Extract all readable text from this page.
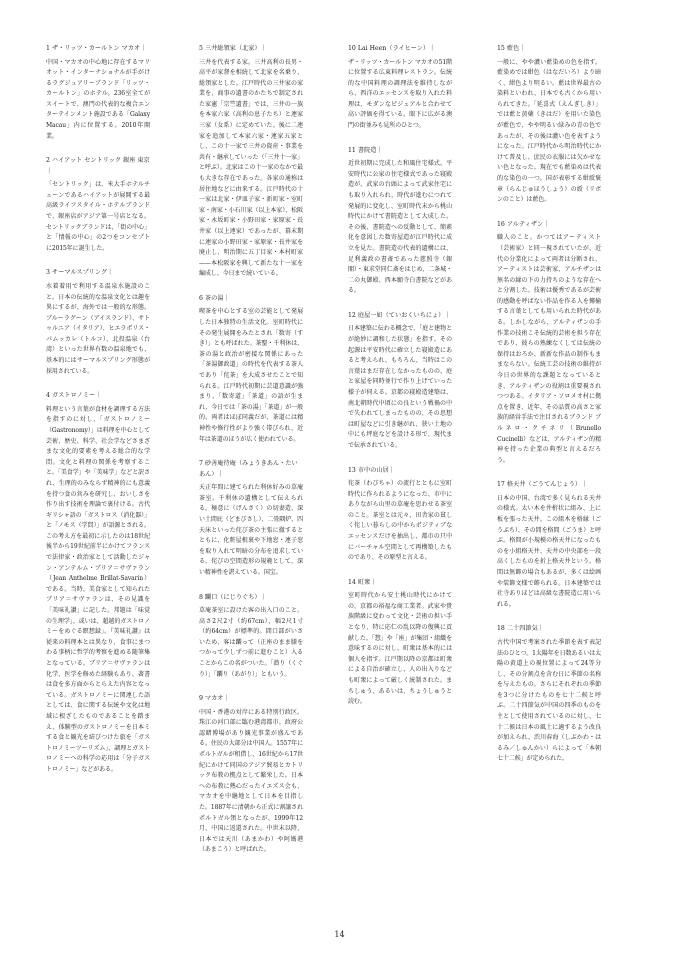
1 ザ・リッツ・カールトン マカオ｜
中国・マカオの中心地に存在するマリオット・インターナショナルが手がけるラグジュアリーブランド「リッツ・カールトン」のホテル。236室全てがスイートで、澳門の代表的な複合エンターテインメント施設である「Galaxy Macau」内に位置する。2010年開業。
2 ハイアット セントリック 銀座 東京｜
「セントリック」は、米大手ホテルチェーンであるハイアットが展開する最高級ライフスタイル・ホテルブランドで、銀座店がアジア第一号店となる。セントリックブランドは、「街の中心」と「情報の中心」の2つをコンセプトに2015年に誕生した。
3 サーマルスプリング｜
水着着用で利用する温泉水施設のこと。日本の伝統的な温泉文化とは趣を異にするが、海外では一般的な形態。ブルーラグーン（アイスランド）、サトゥルニア（イタリア）、ヒエラポリス・パムッカレ（トルコ）、北投温泉（台湾）といった世界有数の温泉地でも、基本的にはサーマルスプリング形態が採用されている。
4 ガストロノミー｜
料理という言葉が食材を調理する方法を指すのに対し、「ガストロノミー（Gastronomy）」は料理を中心として芸術、歴史、科学、社会学などさまざまな文化的要素を考える総合的な学問。文化と料理の関係を考察すること。「美食学」や「美味学」などと訳され、生理的のみならず精神的にも意義を持つ食の営みを研究し、おいしさを作り出す技術を理論で裏付ける。古代ギリシャ語の「ガストロス（消化器）」と「ノモス（学問）」が語源とされる。この考え方を最初に示したのは18世紀後半から19世紀前半にかけてフランスで法律家・政治家として活動したジャン・アンテルム・ブリア＝サヴァラン（Jean Anthelme Brillat-Savarin）である。当時、美食家として知られたブリア＝サヴァランは、その見識を「美味礼讃」に記した。邦題は「味覚の生理学」、或いは、超越的ガストロノミーをめぐる瞑想録」。『美味礼讃』は従来の料理本とは異なり、食事にまつわる事柄に哲学的考察を進める随筆集となっている。ブリア＝サヴァランは化学、医学を修めた経験もあり、著書は食を多方面からとらえた内容となっている。ガストロノミーに関連した語としては、食に関する伝統や文化は地域に根ざしたものであることを踏まえ、体験型のガストロノミーを日本ミする食と観光を結びつけた旅を「ガストロノミーツーリズム」、調理とガストロノミーへの科学の応用は「分子ガストロノミー」などがある。
5 三井総領家（北家）｜
三井を代表する家。三井高利の長男・高平が家督を相続して北家を名乗り、総領家とした。江戸時代の三井家の家業を、商事の遺書のかたちで制定された家憲「宗竺遺書」では、三井の一族を本家六家（高利の息子たち）と連家三家（女系）に定めていた。後に二連家を追加して本家六家・連家五家とし、この十一家で三井の資産・事業を共有・継承していった（「三井十一家」と呼ぶ）。北家はこの十一家のなかで最も大きな存在であった。各家の通称は居住地などに由来する。江戸時代の十一家は北家・伊皿子家・新町家・室町家・南家・小石川家（以上本家）、松阪家・永坂町家・小野田家・家原家・長井家（以上連家）であったが、幕末期に連家の小野田家・家原家・長井家を廃止し、明治期に五丁目家・本村町家——本松阪家を興して新たな十一家を編成し、今日まで続いている。
6 茶の湯｜
喫茶を中心とする室の芸能として発展した日本独特の生活文化。室町時代にその発生展開をみたとされ「数寄（すき）」とも呼ばれた。茶聖・千利休は、茶の湯と政治が密接な関係にあった「茶湯御政道」の時代を代表する茶人であり「侘茶」を大成させたことで知られる。江戸時代初期に芸道意識が強まり、「数寄道」「茶道」の語が生まれ、今日では「茶の湯」「茶道」が一般的。両者はほぼ同義だが、茶道には精神性や修行性がより強く帯びられ、近年は茶道のほうが広く使われている。
7 砂善庵待庵（みょうきあん・たいあん）｜
天正年間に建てられた利休好みの草庵茶室。千利休の遺構として伝えられる。極意に（げんさく）の切妻造、深い土間庇（どまびさし）、二畳隅炉、四天床といった侘び茶の主張に徹するとともに、化粧屋根裏や下地窓・連子窓を取り入れて明暗の分布を追求している。侘びの空間造形の規範として、深い精神性を湛えている。国宝。
8 躙口（にじりぐち）｜
草庵茶室に設けた客の出入口のこと。高さ2尺2寸（約67cm）、幅2尺1寸（約64cm）が標準的。間口部がいさいため、客は躙って（正座のまま膝をつかって少しずつ前に進むこと）入ることからこの名がついた。「潜り（くぐり）」「躙り（あがり）」ともいう。
9 マカオ｜
中国・香港の対岸にある特別行政区。珠江の河口部に臨む港湾都市。政府公認賭博場があり観光事業が盛んである。住民の大部分は中国人。1557年にポルトガルが租借し、16世紀から17世紀にかけて同国のアジア貿易とカトリック布教の拠点として繁栄した。日本への布教に熱心だったイエズス会も、マカオを中継地として日本を目指した。1887年に清朝から正式に割譲されポルトガル領となったが、1999年12月、中国に返還された。中世末以降、日本では天川（あまかわ）や阿媽港（あまこう）と呼ばれた。
10 Lai Heen（ライヒーン）｜
ザ・リッツ・カールトン マカオの51階に位置する広東料理レストラン。伝統的な中国料理の調理法を維持しながら、西洋のエッセンスを取り入れた料理は、モダンなビジュアルと合わせて高い評価を得ている。眼下に広がる澳門の街並みも見所のひとつ。
11 書院造｜
近世初期に完成した和風住宅様式。平安時代に公家の住宅様式であった寝殿造が、武家の台頭によって武家住宅にも取り入れられ、時代が進むにつれて発展的に変化し、室町時代末から桃山時代にかけて書院造として大成した。その後、書院造への反動として、簡素化を意図した数寄屋造が江戸時代に成立を見た。書院造の代表的遺構には、足利義政の書斎であった慈照寺（銀閣）・東求堂同仁斎をはじめ、二条城・二の丸御殿、西本願寺白書院などがある。
12 庭屋一如（ていおくいちにょ）｜
日本建築に伝わる概念で、「庭と建物とが絶妙に調和した状態」を指す。その起源は平安時代に確立した寝殿造にあると考えられ、もちろん、当時はこの言葉はまだ存在しなかったものの、庭と家屋を同時並行で作り上げていった様子が伺える。京都の寝殿造建築は、南北朝時代中頃にの良という戦禍の中で失われてしまったものの、その思想は町屋などに引き継がれ、狭い土地の中にも坪庭などを設ける形で、現代まで伝承されている。
13 市中の山居｜
侘茶（わびちゃ）の流行とともに室町時代に作られるようになった、市中にありながら山里の草庵を思わせる茶室のこと。茶室とは元々、田舎家の貧しく侘しい暮らしの中からポジティブなエッセンスだけを抽出し、都市の只中にバーチャル空間として再構築したものであり、その原型と言える。
14 町衆｜
室町時代から安土桃山時代にかけての、京都の裕福な商工業者。武家や貴族階級に変わって文化・芸術の担い手となり、特に応仁の乱以降の復興に貢献した。「惣」や「座」が集団・組織を意味するのに対し、町衆は基本的には個人を指す。江戸期以降の京都は町衆による自治が確立し、人の出入りなども町衆によって厳しく統制された。まちしゅう、あるいは、ちょうしゅうと読む。
15 藍色｜
一般に、やや濃い藍染めの色を指す。藍染めでは紺色（はなだいろ）より暗く、紺色より明るい。藍は世界最古の染料といわれ、日本でも古くから用いられてきた。「延喜式（えんぎしき）」では藍と黄蘗（きはだ）を用いた染色が藍色で、やや明るい緑みの青の色であったが、その後は濃い色を表すようになった。江戸時代から明治時代にかけて普及し、庶民の衣服には欠かせない色となった。現在でも藍染めは代表的な染色の一つ。国が表彰する紺綬褒章（らんじゅほうしょう）の綬（リボンのこと）は藍色。
16 アルティザン｜
職人のこと。かつてはアーティスト（芸術家）と同一視されていたが、近代の分業化によって両者は分断され、アーティストは芸術家、アルチザンは無名の縁の下の力持ちのような存在へと分割した。技術は優秀であるが芸術的感動を呼ばない作品を作る人を揶揄する言葉としても用いられた時代がある。しかしながら、アルティザンの手作業の技術こそ伝統的芸術を担う存在であり、彼らの熟練なくしては伝統の保持はおろか、新新な作品の制作もままならない。伝統工芸の技術の維持が今日の世界的な課題となっているとき、アルティザンの役割は重要視されつつある。イタリア・ソロメオ村に拠点を置き、近年、その品質の高さと家族的経営手法で注目されるブランド ブルネロ・クチネリ（Brunello Cucinelli）などは、アルティザン的精神を持った企業の典型と言えるだろう。
17 格天井（ごうてんじょう）｜
日本の中国、台湾で多く見られる天井の様式。太い木を井桁状に組み、上に板を張った天井。この組木を格縁（ごうぶち）、その間を格間（ごうま）と呼ぶ。格間が小規模の格天井になったものを小組格天井、天井の中央部を一段高くしたものを折上格天井という。格間は無飾の場合もあるが、多くは絵画や装飾文様で飾られる。日本建築では社寺ありほどは高級な書院造に用いられる。
18 二十四節気｜
古代中国で考案された季節を表す表記法のひとつ。1太陽年を日数あるいは太陽の黄道上の視位置によって24等分し、その分割点を含む日に季節の名称を与えたもの。さらにそれぞれの季節を3つに分けたものを七十二候と呼ぶ。二十四節気が中国の四季のものを主として使用されているのに対し、七十二候は日本の風土に適するよう改良が加えられ、渋川春海（しぶかわ・はるみ／しゅんかい）らによって「本朝七十二候」が定められた。
14
